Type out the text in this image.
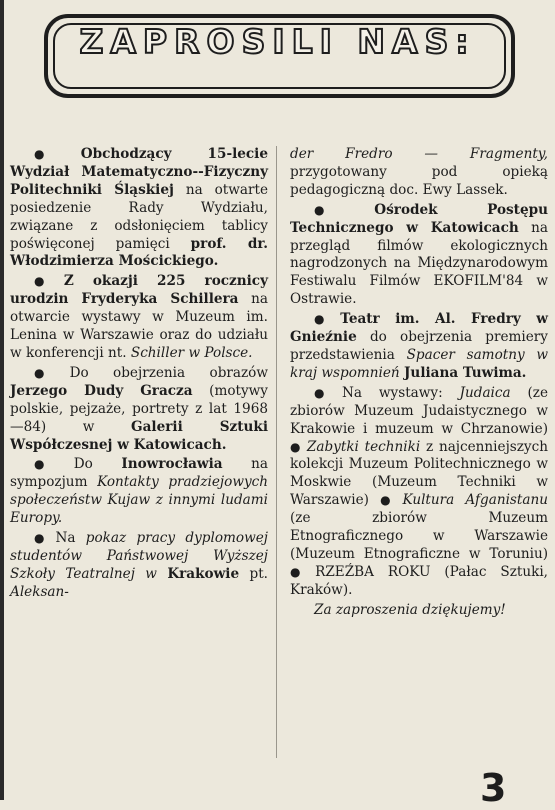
ZAPROSILI NAS:

● Obchodzący 15-lecie Wydział Matematyczno--Fizyczny Politechniki Śląskiej na otwarte posiedzenie Rady Wydziału, związane z odsłonięciem tablicy poświęconej pamięci prof. dr. Włodzimierza Mościckiego.

● Z okazji 225 rocznicy urodzin Fryderyka Schillera na otwarcie wystawy w Muzeum im. Lenina w Warszawie oraz do udziału w konferencji nt. Schiller w Polsce.

● Do obejrzenia obrazów Jerzego Dudy Gracza (motywy polskie, pejzaże, portrety z lat 1968—84) w	Galerii Sztuki Współczesnej w Katowicach.

● Do Inowrocławia na sympozjum Kontakty pradziejowych społeczeństw Kujaw z innymi ludami Europy.

● Na pokaz pracy dyplomowej studentów Państwowej Wyższej Szkoły Teatralnej w Krakowie pt. Aleksan-

der Fredro — Fragmenty, przygotowany pod opieką pedagogiczną doc. Ewy Lassek.

● Ośrodek Postępu Technicznego w Katowicach na przegląd filmów ekologicznych nagrodzonych na Międzynarodowym Festiwalu Filmów EKOFILM'84 w Ostrawie.

● Teatr im. Al. Fredry w Gnieźnie do obejrzenia premiery przedstawienia Spacer samotny w kraj wspomnień Juliana Tuwima.

● Na wystawy: Judaica (ze zbiorów Muzeum Judaistycznego w Krakowie i muzeum w Chrzanowie) ● Zabytki techniki z najcenniejszych kolekcji Muzeum Politechnicznego w Moskwie (Muzeum Techniki w Warszawie) ● Kultura Afganistanu (ze zbiorów Muzeum Etnograficznego w Warszawie (Muzeum Etnograficzne w Toruniu) ● RZEŹBA ROKU (Pałac Sztuki, Kraków).

Za zaproszenia dziękujemy!

3
